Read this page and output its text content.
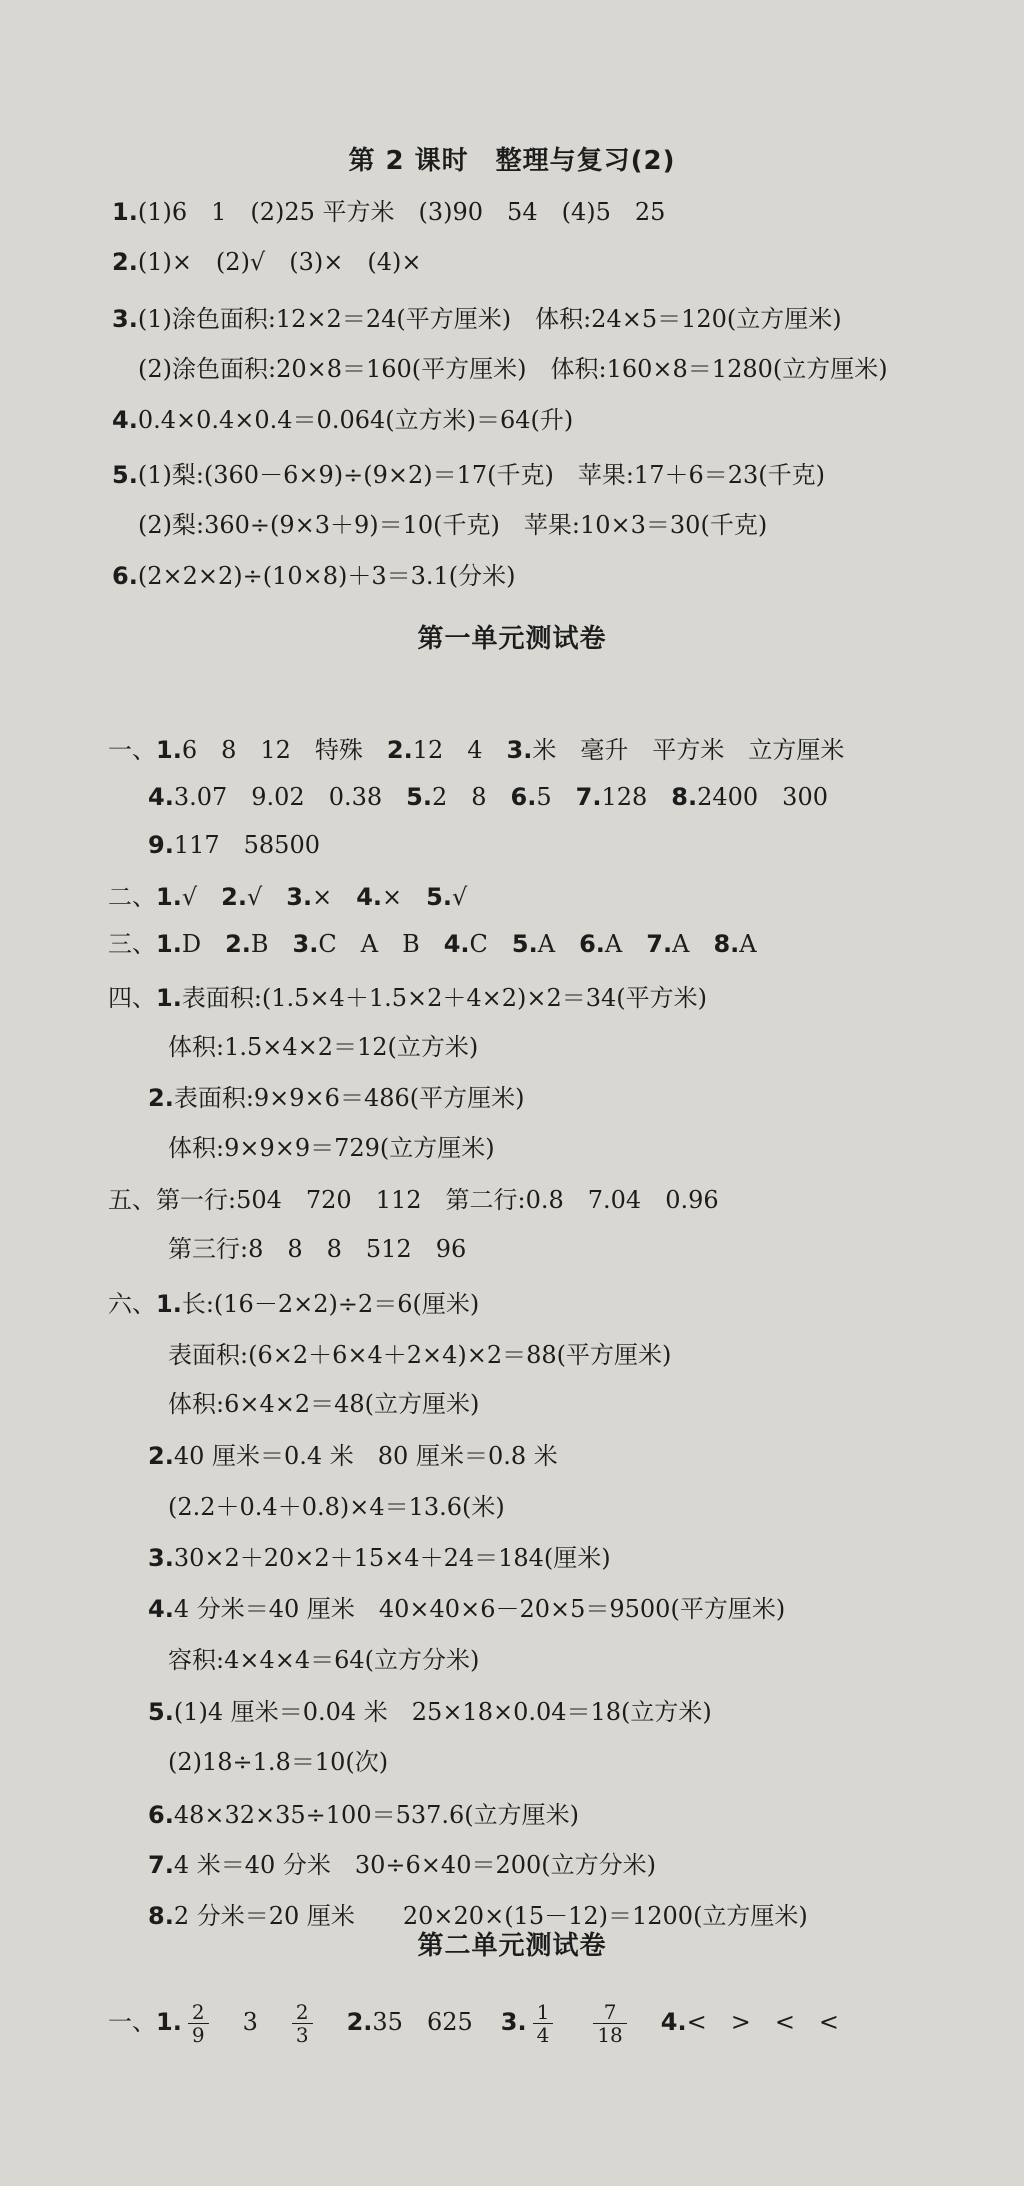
第 2 课时　整理与复习(2)
1.(1)6　1　(2)25 平方米　(3)90　54　(4)5　25
2.(1)×　(2)√　(3)×　(4)×
3.(1)涂色面积:12×2＝24(平方厘米)　体积:24×5＝120(立方厘米)
(2)涂色面积:20×8＝160(平方厘米)　体积:160×8＝1280(立方厘米)
4.0.4×0.4×0.4＝0.064(立方米)＝64(升)
5.(1)梨:(360－6×9)÷(9×2)＝17(千克)　苹果:17＋6＝23(千克)
(2)梨:360÷(9×3＋9)＝10(千克)　苹果:10×3＝30(千克)
6.(2×2×2)÷(10×8)＋3＝3.1(分米)
第一单元测试卷
一、1.6　8　12　特殊　2.12　4　3.米　毫升　平方米　立方厘米
4.3.07　9.02　0.38　5.2　8　6.5　7.128　8.2400　300
9.117　58500
二、1.√　2.√　3.×　4.×　5.√
三、1.D　2.B　3.C　A　B　4.C　5.A　6.A　7.A　8.A
四、1.表面积:(1.5×4＋1.5×2＋4×2)×2＝34(平方米)
体积:1.5×4×2＝12(立方米)
2.表面积:9×9×6＝486(平方厘米)
体积:9×9×9＝729(立方厘米)
五、第一行:504　720　112　第二行:0.8　7.04　0.96
第三行:8　8　8　512　96
六、1.长:(16－2×2)÷2＝6(厘米)
表面积:(6×2＋6×4＋2×4)×2＝88(平方厘米)
体积:6×4×2＝48(立方厘米)
2.40 厘米＝0.4 米　80 厘米＝0.8 米
(2.2＋0.4＋0.8)×4＝13.6(米)
3.30×2＋20×2＋15×4＋24＝184(厘米)
4.4 分米＝40 厘米　40×40×6－20×5＝9500(平方厘米)
容积:4×4×4＝64(立方分米)
5.(1)4 厘米＝0.04 米　25×18×0.04＝18(立方米)
(2)18÷1.8＝10(次)
6.48×32×35÷100＝537.6(立方厘米)
7.4 米＝40 分米　30÷6×40＝200(立方分米)
8.2 分米＝20 厘米　　20×20×(15－12)＝1200(立方厘米)
第二单元测试卷
一、1. $\frac{2}{9} 3 \frac{2}{3} 2.35$　625 3. $\frac{1}{4} \frac{7}{18} 4.<$　>　<　<
